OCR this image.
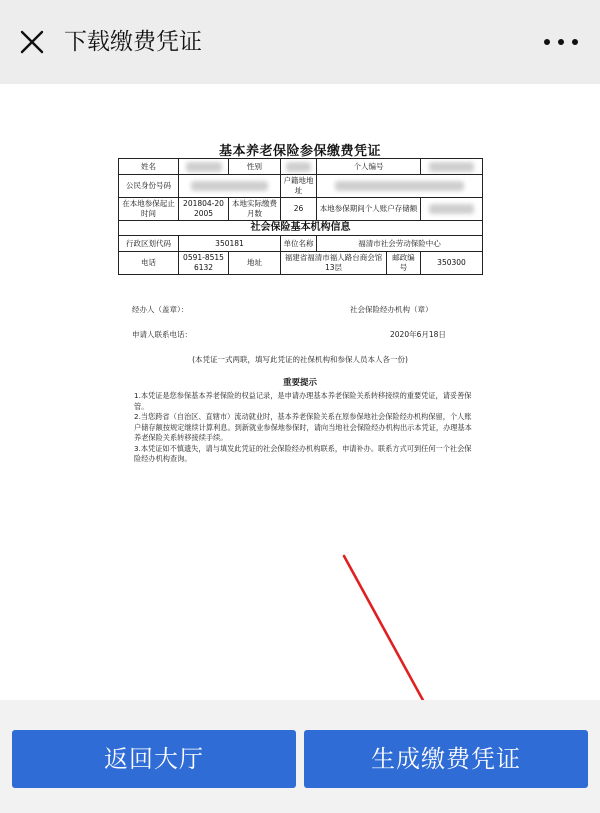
下载缴费凭证
基本养老保险参保缴费凭证
姓名		性别		个人编号		

公民身份号码			户籍地地址			

在本地参保起止时间	201804-202005	本地实际缴费月数	26	本地参保期间个人账户存储额		

社会保险基本机构信息						
行政区划代码	350181		单位名称	福清市社会劳动保险中心		
电话	0591-85156132	地址	福建省福清市福人路台商会馆13层		邮政编号	350300
经办人（盖章）：	社会保险经办机构（章）
申请人联系电话：	2020年6月18日
(本凭证一式两联，填写此凭证的社保机构和参保人员本人各一份)
重要提示

1.本凭证是您参保基本养老保险的权益记录，是申请办理基本养老保险关系转移接续的重要凭证，请妥善保管。

2.当您跨省（自治区、直辖市）流动就业时，基本养老保险关系在原参保地社会保险经办机构保留，个人账户储存额按规定继续计算利息。到新就业参保地参保时，请向当地社会保险经办机构出示本凭证，办理基本养老保险关系转移接续手续。

3.本凭证如不慎遗失，请与填发此凭证的社会保险经办机构联系，申请补办。联系方式可到任何一个社会保险经办机构查询。

返回大厅	生成缴费凭证
